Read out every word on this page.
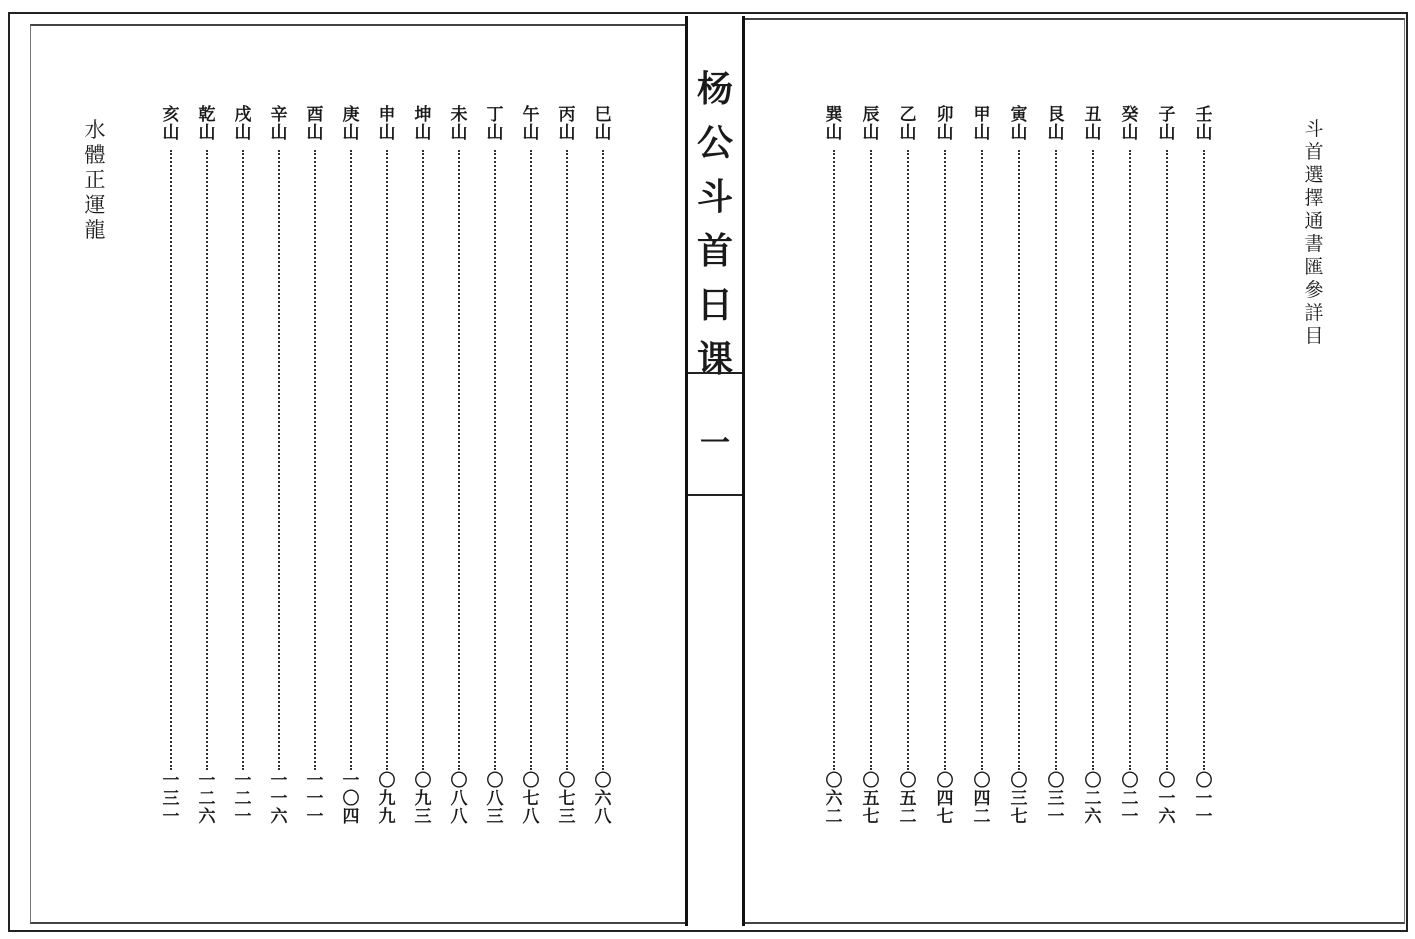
杨
公
斗
首
日
课
一
斗
首
選
擇
通
書
匯
參
詳
目
水
體
正
運
龍
壬
山
〇
一
一
子
山
〇
一
六
癸
山
〇
二
一
丑
山
〇
二
六
艮
山
〇
三
一
寅
山
〇
三
七
甲
山
〇
四
二
卯
山
〇
四
七
乙
山
〇
五
二
辰
山
〇
五
七
巽
山
〇
六
二
巳
山
〇
六
八
丙
山
〇
七
三
午
山
〇
七
八
丁
山
〇
八
三
未
山
〇
八
八
坤
山
〇
九
三
申
山
〇
九
九
庚
山
一
〇
四
酉
山
一
一
一
辛
山
一
一
六
戌
山
一
二
一
乾
山
一
二
六
亥
山
一
三
一
